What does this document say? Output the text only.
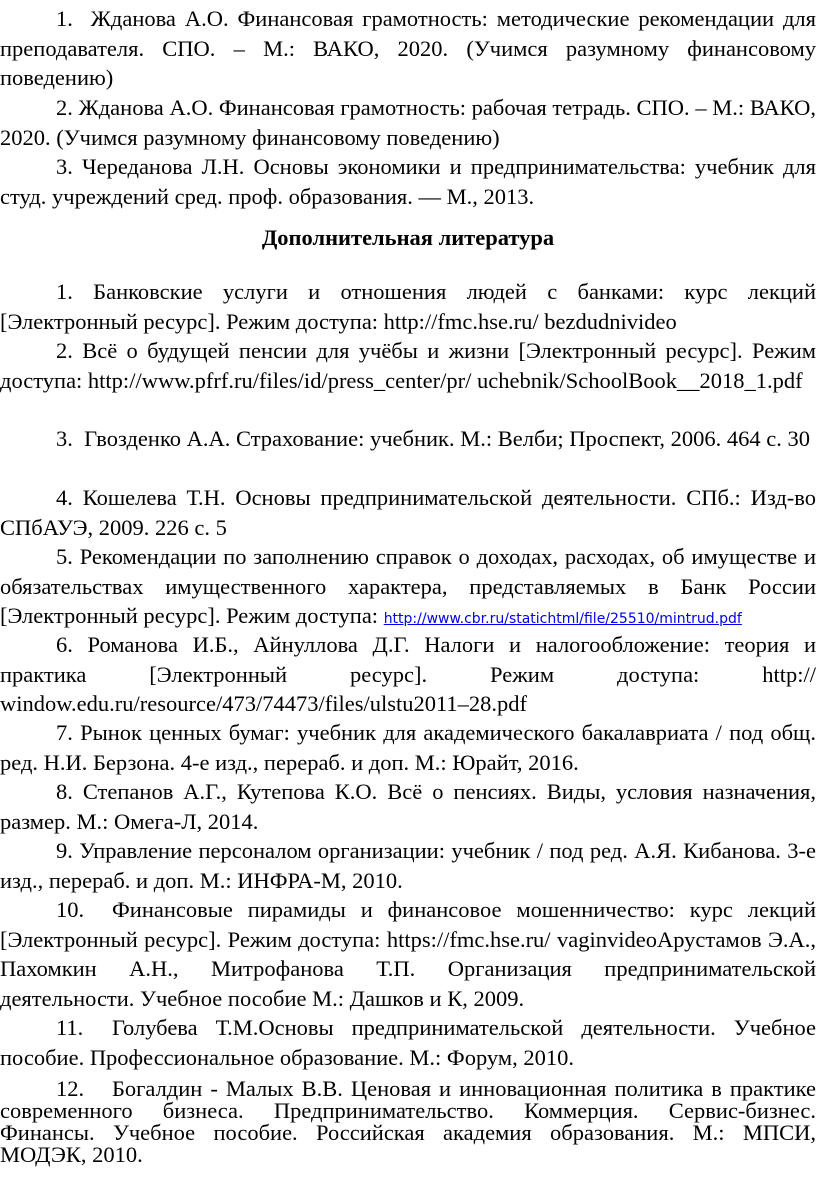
1. Жданова А.О. Финансовая грамотность: методические рекомендации для преподавателя. СПО. – М.: ВАКО, 2020. (Учимся разумному финансовому поведению)

2. Жданова А.О. Финансовая грамотность: рабочая тетрадь. СПО. – М.: ВАКО, 2020. (Учимся разумному финансовому поведению)

3. Череданова Л.Н. Основы экономики и предпринимательства: учебник для студ. учреждений сред. проф. образования. — М., 2013.

Дополнительная литература

1. Банковские услуги и отношения людей с банками: курс лекций [Электронный ресурс]. Режим доступа: http://fmc.hse.ru/ bezdudnivideo

2. Всё о будущей пенсии для учёбы и жизни [Электронный ресурс]. Режим доступа: http://www.pfrf.ru/files/id/press_center/pr/ uchebnik/SchoolBook__2018_1.pdf

3. Гвозденко А.А. Страхование: учебник. М.: Велби; Проспект, 2006. 464 с. 30

4. Кошелева Т.Н. Основы предпринимательской деятельности. СПб.: Изд-во СПбАУЭ, 2009. 226 с. 5

5. Рекомендации по заполнению справок о доходах, расходах, об имуществе и обязательствах имущественного характера, представляемых в Банк России [Электронный ресурс]. Режим доступа: http://www.cbr.ru/statichtml/file/25510/mintrud.pdf

6. Романова И.Б., Айнуллова Д.Г. Налоги и налогообложение: теория и практика [Электронный ресурс]. Режим доступа: http:// window.edu.ru/resource/473/74473/files/ulstu2011–28.pdf

7. Рынок ценных бумаг: учебник для академического бакалавриата / под общ. ред. Н.И. Берзона. 4-е изд., перераб. и доп. М.: Юрайт, 2016.

8. Степанов А.Г., Кутепова К.О. Всё о пенсиях. Виды, условия назначения, размер. М.: Омега-Л, 2014.

9. Управление персоналом организации: учебник / под ред. А.Я. Кибанова. 3-е изд., перераб. и доп. М.: ИНФРА-М, 2010.

10. Финансовые пирамиды и финансовое мошенничество: курс лекций [Электронный ресурс]. Режим доступа: https://fmc.hse.ru/ vaginvideoАрустамов Э.А., Пахомкин А.Н., Митрофанова Т.П. Организация предпринимательской деятельности. Учебное пособие М.: Дашков и К, 2009.

11. Голубева Т.М.Основы предпринимательской деятельности. Учебное пособие. Профессиональное образование. М.: Форум, 2010.

12. Богалдин - Малых В.В. Ценовая и инновационная политика в практике современного бизнеса. Предпринимательство. Коммерция. Сервис-бизнес. Финансы. Учебное пособие. Российская академия образования. М.: МПСИ, МОДЭК, 2010.
